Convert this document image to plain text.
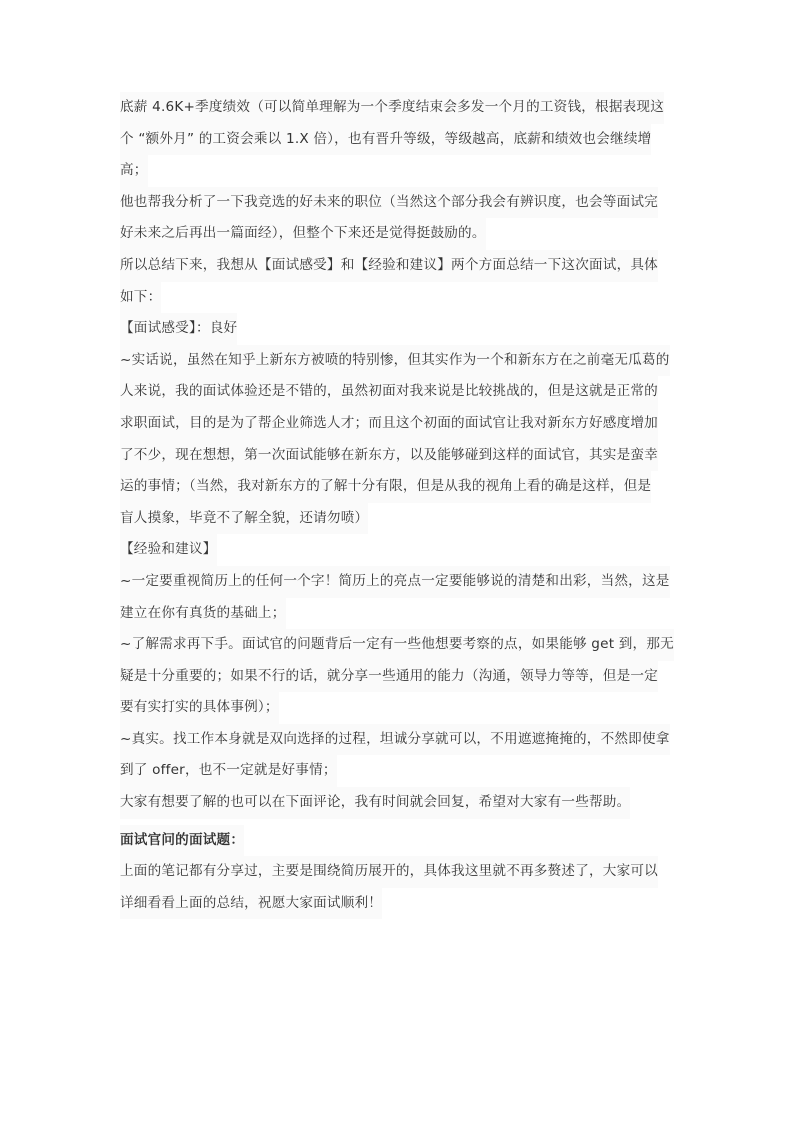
底薪 4.6K+季度绩效（可以简单理解为一个季度结束会多发一个月的工资钱，根据表现这
个 “额外月” 的工资会乘以 1.X 倍），也有晋升等级，等级越高，底薪和绩效也会继续增
高；
他也帮我分析了一下我竞选的好未来的职位（当然这个部分我会有辨识度，也会等面试完
好未来之后再出一篇面经），但整个下来还是觉得挺鼓励的。
所以总结下来，我想从【面试感受】和【经验和建议】两个方面总结一下这次面试，具体
如下：
【面试感受】：良好
~实话说，虽然在知乎上新东方被喷的特别惨，但其实作为一个和新东方在之前毫无瓜葛的
人来说，我的面试体验还是不错的，虽然初面对我来说是比较挑战的，但是这就是正常的
求职面试，目的是为了帮企业筛选人才；而且这个初面的面试官让我对新东方好感度增加
了不少，现在想想，第一次面试能够在新东方，以及能够碰到这样的面试官，其实是蛮幸
运的事情；（当然，我对新东方的了解十分有限，但是从我的视角上看的确是这样，但是
盲人摸象，毕竟不了解全貌，还请勿喷）
【经验和建议】
~一定要重视简历上的任何一个字！简历上的亮点一定要能够说的清楚和出彩，当然，这是
建立在你有真货的基础上；
~了解需求再下手。面试官的问题背后一定有一些他想要考察的点，如果能够 get 到，那无
疑是十分重要的；如果不行的话，就分享一些通用的能力（沟通，领导力等等，但是一定
要有实打实的具体事例）；
~真实。找工作本身就是双向选择的过程，坦诚分享就可以，不用遮遮掩掩的，不然即使拿
到了 offer，也不一定就是好事情；
大家有想要了解的也可以在下面评论，我有时间就会回复，希望对大家有一些帮助。
面试官问的面试题：
上面的笔记都有分享过，主要是围绕简历展开的，具体我这里就不再多赘述了，大家可以
详细看看上面的总结，祝愿大家面试顺利！
